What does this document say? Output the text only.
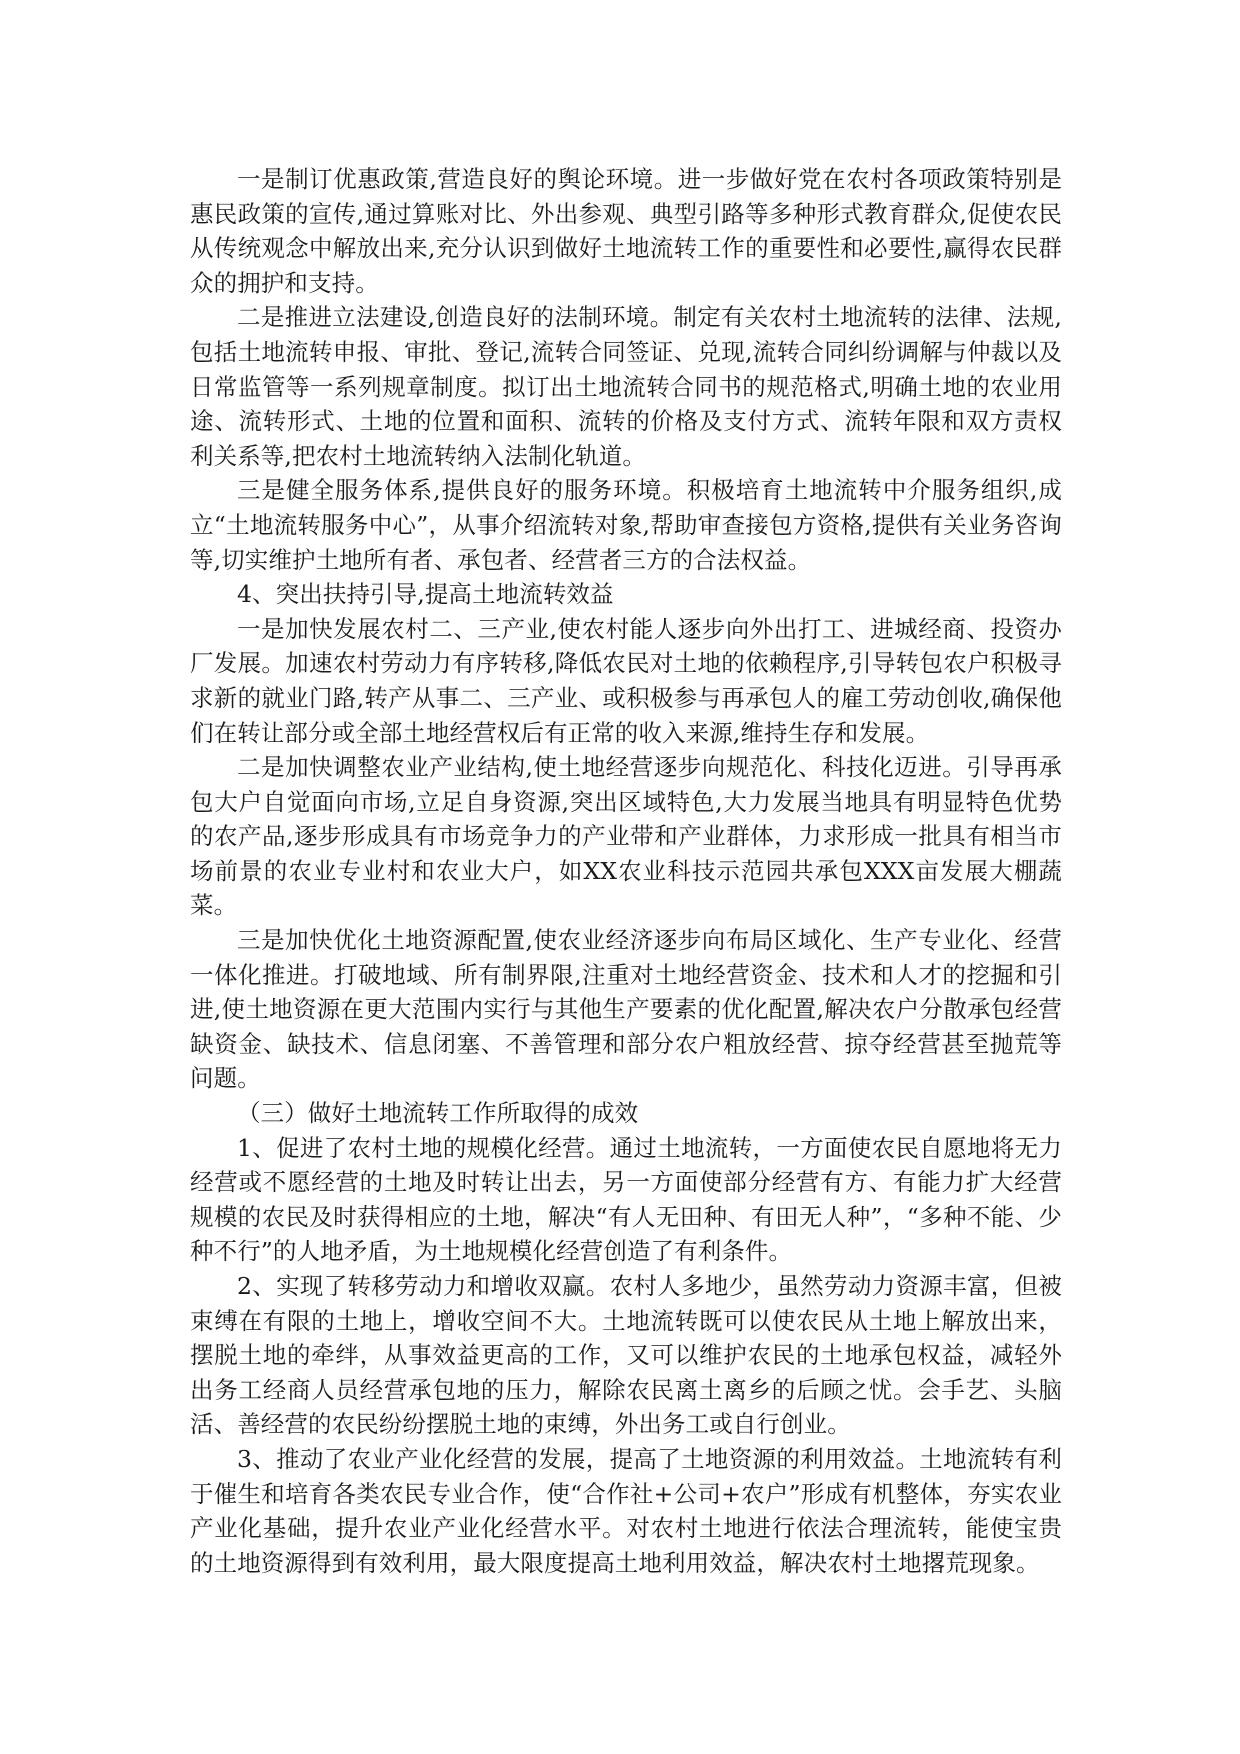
一是制订优惠政策,营造良好的舆论环境。进一步做好党在农村各项政策特别是惠民政策的宣传,通过算账对比、外出参观、典型引路等多种形式教育群众,促使农民从传统观念中解放出来,充分认识到做好土地流转工作的重要性和必要性,赢得农民群众的拥护和支持。

二是推进立法建设,创造良好的法制环境。制定有关农村土地流转的法律、法规,包括土地流转申报、审批、登记,流转合同签证、兑现,流转合同纠纷调解与仲裁以及日常监管等一系列规章制度。拟订出土地流转合同书的规范格式,明确土地的农业用途、流转形式、土地的位置和面积、流转的价格及支付方式、流转年限和双方责权利关系等,把农村土地流转纳入法制化轨道。

三是健全服务体系,提供良好的服务环境。积极培育土地流转中介服务组织,成立“土地流转服务中心”，从事介绍流转对象,帮助审查接包方资格,提供有关业务咨询等,切实维护土地所有者、承包者、经营者三方的合法权益。

4、突出扶持引导,提高土地流转效益

一是加快发展农村二、三产业,使农村能人逐步向外出打工、进城经商、投资办厂发展。加速农村劳动力有序转移,降低农民对土地的依赖程序,引导转包农户积极寻求新的就业门路,转产从事二、三产业、或积极参与再承包人的雇工劳动创收,确保他们在转让部分或全部土地经营权后有正常的收入来源,维持生存和发展。

二是加快调整农业产业结构,使土地经营逐步向规范化、科技化迈进。引导再承包大户自觉面向市场,立足自身资源,突出区域特色,大力发展当地具有明显特色优势的农产品,逐步形成具有市场竞争力的产业带和产业群体，力求形成一批具有相当市场前景的农业专业村和农业大户，如XX农业科技示范园共承包XXX亩发展大棚蔬菜。

三是加快优化土地资源配置,使农业经济逐步向布局区域化、生产专业化、经营一体化推进。打破地域、所有制界限,注重对土地经营资金、技术和人才的挖掘和引进,使土地资源在更大范围内实行与其他生产要素的优化配置,解决农户分散承包经营缺资金、缺技术、信息闭塞、不善管理和部分农户粗放经营、掠夺经营甚至抛荒等问题。

（三）做好土地流转工作所取得的成效

1、促进了农村土地的规模化经营。通过土地流转，一方面使农民自愿地将无力经营或不愿经营的土地及时转让出去，另一方面使部分经营有方、有能力扩大经营规模的农民及时获得相应的土地，解决“有人无田种、有田无人种”，“多种不能、少种不行”的人地矛盾，为土地规模化经营创造了有利条件。

2、实现了转移劳动力和增收双赢。农村人多地少，虽然劳动力资源丰富，但被束缚在有限的土地上，增收空间不大。土地流转既可以使农民从土地上解放出来，摆脱土地的牵绊，从事效益更高的工作，又可以维护农民的土地承包权益，减轻外出务工经商人员经营承包地的压力，解除农民离土离乡的后顾之忧。会手艺、头脑活、善经营的农民纷纷摆脱土地的束缚，外出务工或自行创业。

3、推动了农业产业化经营的发展，提高了土地资源的利用效益。土地流转有利于催生和培育各类农民专业合作，使“合作社+公司+农户”形成有机整体，夯实农业产业化基础，提升农业产业化经营水平。对农村土地进行依法合理流转，能使宝贵的土地资源得到有效利用，最大限度提高土地利用效益，解决农村土地撂荒现象。
